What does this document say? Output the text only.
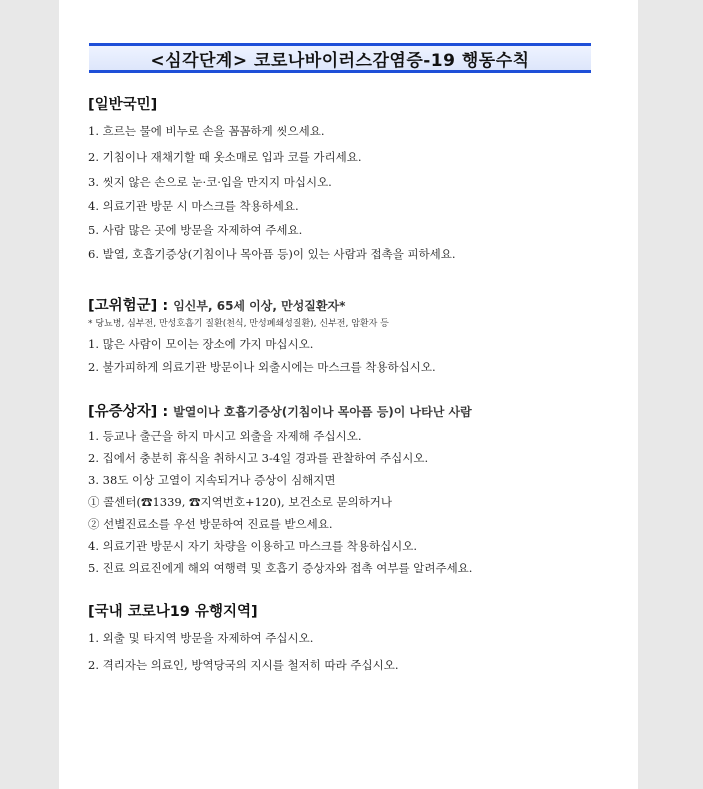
<심각단계> 코로나바이러스감염증-19 행동수칙
[일반국민]
1. 흐르는 물에 비누로 손을 꼼꼼하게 씻으세요.
2. 기침이나 재채기할 때 옷소매로 입과 코를 가리세요.
3. 씻지 않은 손으로 눈·코·입을 만지지 마십시오.
4. 의료기관 방문 시 마스크를 착용하세요.
5. 사람 많은 곳에 방문을 자제하여 주세요.
6. 발열, 호흡기증상(기침이나 목아픔 등)이 있는 사람과 접촉을 피하세요.
[고위험군] : 임신부, 65세 이상, 만성질환자*
* 당뇨병, 심부전, 만성호흡기 질환(천식, 만성폐쇄성질환), 신부전, 암환자 등
1. 많은 사람이 모이는 장소에 가지 마십시오.
2. 불가피하게 의료기관 방문이나 외출시에는 마스크를 착용하십시오.
[유증상자] : 발열이나 호흡기증상(기침이나 목아픔 등)이 나타난 사람
1. 등교나 출근을 하지 마시고 외출을 자제해 주십시오.
2. 집에서 충분히 휴식을 취하시고 3-4일 경과를 관찰하여 주십시오.
3. 38도 이상 고열이 지속되거나 증상이 심해지면
① 콜센터(☎1339, ☎지역번호+120), 보건소로 문의하거나
② 선별진료소를 우선 방문하여 진료를 받으세요.
4. 의료기관 방문시 자기 차량을 이용하고 마스크를 착용하십시오.
5. 진료 의료진에게 해외 여행력 및 호흡기 증상자와 접촉 여부를 알려주세요.
[국내 코로나19 유행지역]
1. 외출 및 타지역 방문을 자제하여 주십시오.
2. 격리자는 의료인, 방역당국의 지시를 철저히 따라 주십시오.
